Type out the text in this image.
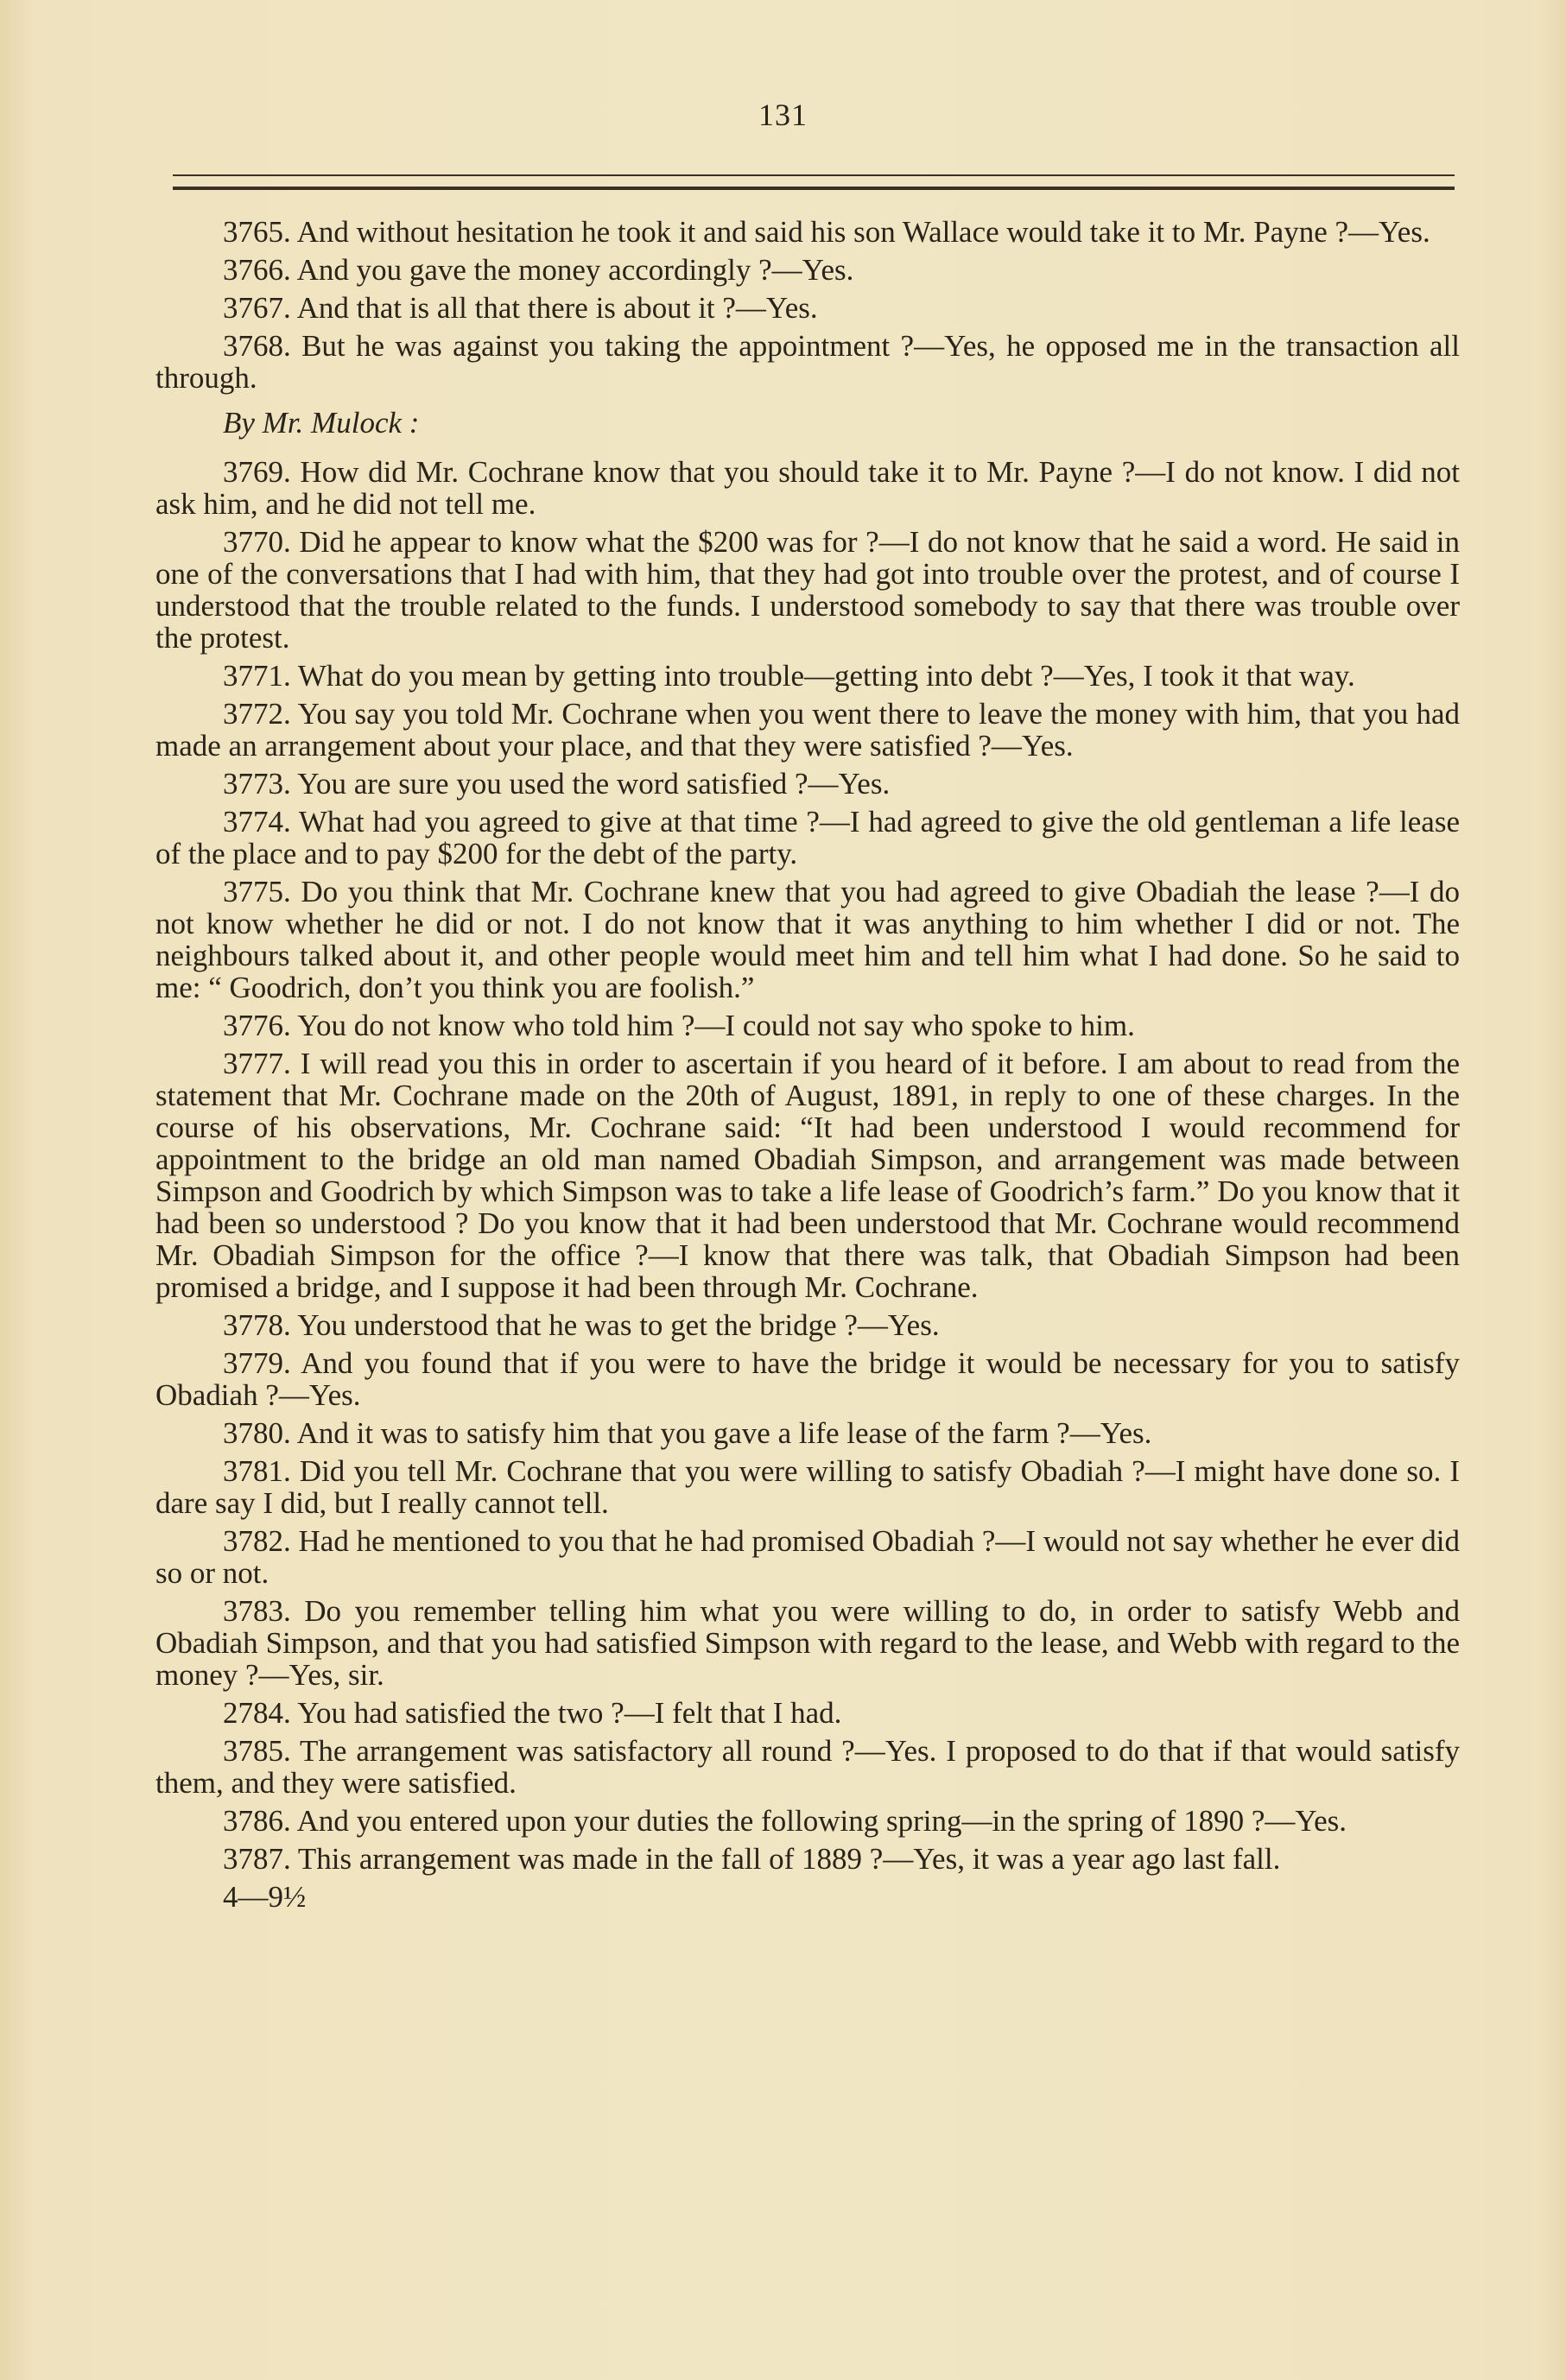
131

3765. And without hesitation he took it and said his son Wallace would take it to Mr. Payne ?—Yes.

3766. And you gave the money accordingly ?—Yes.

3767. And that is all that there is about it ?—Yes.

3768. But he was against you taking the appointment ?—Yes, he opposed me in the transaction all through.

By Mr. Mulock :

3769. How did Mr. Cochrane know that you should take it to Mr. Payne ?—I do not know. I did not ask him, and he did not tell me.

3770. Did he appear to know what the $200 was for ?—I do not know that he said a word. He said in one of the conversations that I had with him, that they had got into trouble over the protest, and of course I understood that the trouble related to the funds. I understood somebody to say that there was trouble over the protest.

3771. What do you mean by getting into trouble—getting into debt ?—Yes, I took it that way.

3772. You say you told Mr. Cochrane when you went there to leave the money with him, that you had made an arrangement about your place, and that they were satisfied ?—Yes.

3773. You are sure you used the word satisfied ?—Yes.

3774. What had you agreed to give at that time ?—I had agreed to give the old gentleman a life lease of the place and to pay $200 for the debt of the party.

3775. Do you think that Mr. Cochrane knew that you had agreed to give Obadiah the lease ?—I do not know whether he did or not. I do not know that it was anything to him whether I did or not. The neighbours talked about it, and other people would meet him and tell him what I had done. So he said to me: “ Goodrich, don’t you think you are foolish.”

3776. You do not know who told him ?—I could not say who spoke to him.

3777. I will read you this in order to ascertain if you heard of it before. I am about to read from the statement that Mr. Cochrane made on the 20th of August, 1891, in reply to one of these charges. In the course of his observations, Mr. Cochrane said: “It had been understood I would recommend for appointment to the bridge an old man named Obadiah Simpson, and arrangement was made between Simpson and Goodrich by which Simpson was to take a life lease of Goodrich’s farm.” Do you know that it had been so understood ? Do you know that it had been understood that Mr. Cochrane would recommend Mr. Obadiah Simpson for the office ?—I know that there was talk, that Obadiah Simpson had been promised a bridge, and I suppose it had been through Mr. Cochrane.

3778. You understood that he was to get the bridge ?—Yes.

3779. And you found that if you were to have the bridge it would be necessary for you to satisfy Obadiah ?—Yes.

3780. And it was to satisfy him that you gave a life lease of the farm ?—Yes.

3781. Did you tell Mr. Cochrane that you were willing to satisfy Obadiah ?—I might have done so. I dare say I did, but I really cannot tell.

3782. Had he mentioned to you that he had promised Obadiah ?—I would not say whether he ever did so or not.

3783. Do you remember telling him what you were willing to do, in order to satisfy Webb and Obadiah Simpson, and that you had satisfied Simpson with regard to the lease, and Webb with regard to the money ?—Yes, sir.

2784. You had satisfied the two ?—I felt that I had.

3785. The arrangement was satisfactory all round ?—Yes. I proposed to do that if that would satisfy them, and they were satisfied.

3786. And you entered upon your duties the following spring—in the spring of 1890 ?—Yes.

3787. This arrangement was made in the fall of 1889 ?—Yes, it was a year ago last fall.

4—9½
